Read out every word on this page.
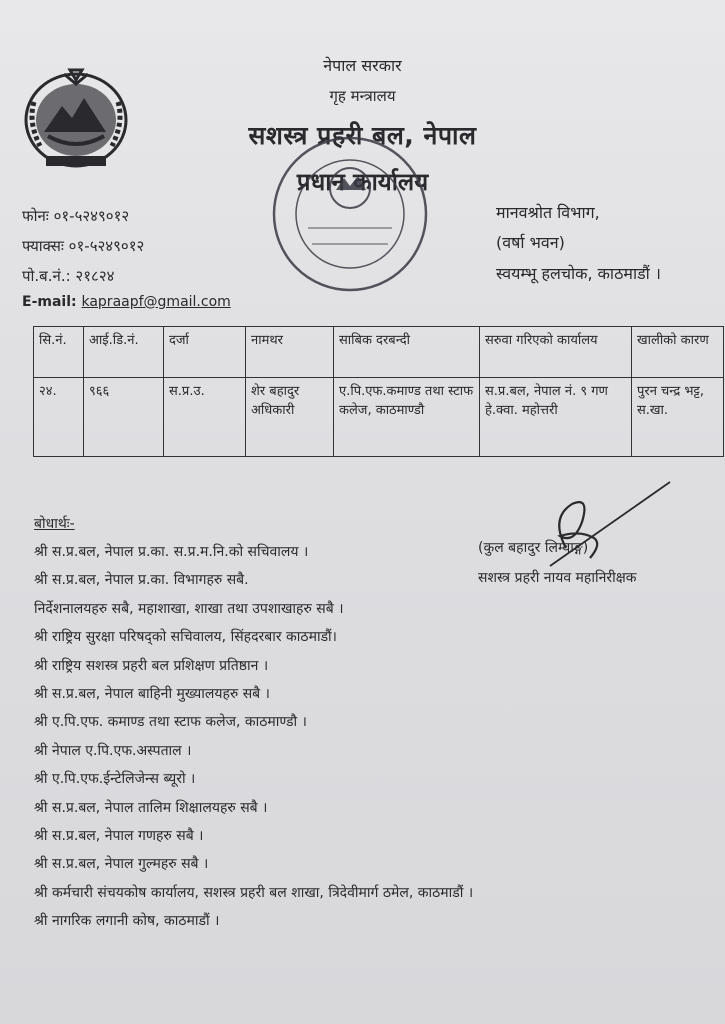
नेपाल सरकार
गृह मन्त्रालय
सशस्त्र प्रहरी बल, नेपाल
प्रधान कार्यालय
फोनः ०१-५२४९०१२
फ्याक्सः ०१-५२४९०१२
पो.ब.नं.: २१८२४
E-mail: kapraapf@gmail.com
मानवश्रोत विभाग,
(वर्षा भवन)
स्वयम्भू हलचोक, काठमाडौं ।
सि.नं.	आई.डि.नं.	दर्जा	नामथर	साबिक दरबन्दी	सरुवा गरिएको कार्यालय	खालीको कारण
२४.	९६६	स.प्र.उ.	शेर बहादुर अधिकारी	ए.पि.एफ.कमाण्ड तथा स्टाफ कलेज, काठमाण्डौ	स.प्र.बल, नेपाल नं. ९ गण हे.क्वा. महोत्तरी	पुरन चन्द्र भट्ट, स.खा.
बोधार्थः-
श्री स.प्र.बल, नेपाल प्र.का. स.प्र.म.नि.को सचिवालय ।
श्री स.प्र.बल, नेपाल प्र.का. विभागहरु सबै.
निर्देशनालयहरु सबै, महाशाखा, शाखा तथा उपशाखाहरु सबै ।
श्री राष्ट्रिय सुरक्षा परिषद्को सचिवालय, सिंहदरबार काठमाडौं।
श्री राष्ट्रिय सशस्त्र प्रहरी बल प्रशिक्षण प्रतिष्ठान ।
श्री स.प्र.बल, नेपाल बाहिनी मुख्यालयहरु सबै ।
श्री ए.पि.एफ. कमाण्ड तथा स्टाफ कलेज, काठमाण्डौ ।
श्री नेपाल ए.पि.एफ.अस्पताल ।
श्री ए.पि.एफ.ईन्टेलिजेन्स ब्यूरो ।
श्री स.प्र.बल, नेपाल तालिम शिक्षालयहरु सबै ।
श्री स.प्र.बल, नेपाल गणहरु सबै ।
श्री स.प्र.बल, नेपाल गुल्महरु सबै ।
श्री कर्मचारी संचयकोष कार्यालय, सशस्त्र प्रहरी बल शाखा, त्रिदेवीमार्ग ठमेल, काठमाडौं ।
श्री नागरिक लगानी कोष, काठमाडौं ।
(कुल बहादुर लिम्वाङ्ग)
सशस्त्र प्रहरी नायव महानिरीक्षक
